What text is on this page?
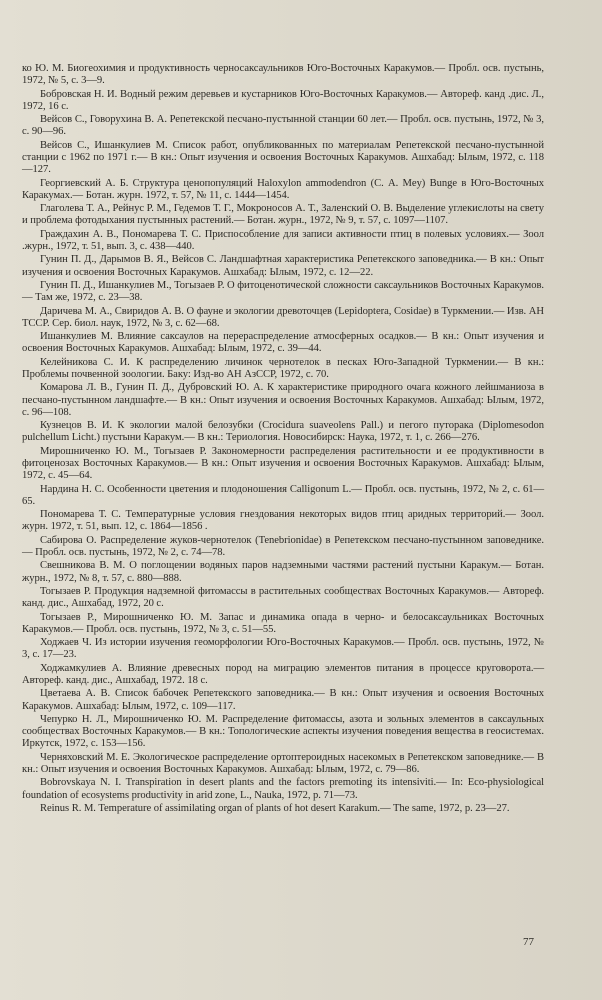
ко Ю. М. Биогеохимия и продуктивность черносаксаульников Юго-Восточных Каракумов.— Пробл. осв. пустынь, 1972, № 5, с. 3—9.

Бобровская Н. И. Водный режим деревьев и кустарников Юго-Восточных Каракумов.— Автореф. канд .дис. Л., 1972, 16 с.

Вейсов С., Говорухина В. А. Репетекской песчано-пустынной станции 60 лет.— Пробл. осв. пустынь, 1972, № 3, с. 90—96.

Вейсов С., Ишанкулиев М. Список работ, опубликованных по материалам Репетекской песчано-пустынной станции с 1962 по 1971 г.— В кн.: Опыт изучения и освоения Восточных Каракумов. Ашхабад: Ылым, 1972, с. 118—127.

Георгиевский А. Б. Структура ценопопуляций Haloxylon ammodendron (С. А. Mey) Bunge в Юго-Восточных Каракумах.— Ботан. журн. 1972, т. 57, № 11, с. 1444—1454.

Глаголева Т. А., Рейнус Р. М., Гедемов Т. Г., Мокроносов А. Т., Заленский О. В. Выделение углекислоты на свету и проблема фотодыхания пустынных растений.— Ботан. журн., 1972, № 9, т. 57, с. 1097—1107.

Граждахин А. В., Пономарева Т. С. Приспособление для записи активности птиц в полевых условиях.— Зоол .журн., 1972, т. 51, вып. 3, с. 438—440.

Гунин П. Д., Дарымов В. Я., Вейсов С. Ландшафтная характеристика Репетекского заповедника.— В кн.: Опыт изучения и освоения Восточных Каракумов. Ашхабад: Ылым, 1972, с. 12—22.

Гунин П. Д., Ишанкулиев М., Тогызаев Р. О фитоценотической сложности саксаульников Восточных Каракумов.— Там же, 1972, с. 23—38.

Даричева М. А., Свиридов А. В. О фауне и экологии древоточцев (Lepidoptera, Cosidae) в Туркмении.— Изв. АН ТССР. Сер. биол. наук, 1972, № 3, с. 62—68.

Ишанкулиев М. Влияние саксаулов на перераспределение атмосферных осадков.— В кн.: Опыт изучения и освоения Восточных Каракумов. Ашхабад: Ылым, 1972, с. 39—44.

Келейникова С. И. К распределению личинок чернотелок в песках Юго-Западной Туркмении.— В кн.: Проблемы почвенной зоологии. Баку: Изд-во АН АзССР, 1972, с. 70.

Комарова Л. В., Гунин П. Д., Дубровский Ю. А. К характеристике природного очага кожного лейшманиоза в песчано-пустынном ландшафте.— В кн.: Опыт изучения и освоения Восточных Каракумов. Ашхабад: Ылым, 1972, с. 96—108.

Кузнецов В. И. К экологии малой белозубки (Crocidura suaveolens Pall.) и пегого путорака (Diplomesodon pulchellum Licht.) пустыни Каракум.— В кн.: Териология. Новосибирск: Наука, 1972, т. 1, с. 266—276.

Мирошниченко Ю. М., Тогызаев Р. Закономерности распределения растительности и ее продуктивности в фитоценозах Восточных Каракумов.— В кн.: Опыт изучения и освоения Восточных Каракумов. Ашхабад: Ылым, 1972, с. 45—64.

Нардина Н. С. Особенности цветения и плодоношения Calligonum L.— Пробл. осв. пустынь, 1972, № 2, с. 61—65.

Пономарева Т. С. Температурные условия гнездования некоторых видов птиц аридных территорий.— Зоол. журн. 1972, т. 51, вып. 12, с. 1864—1856 .

Сабирова О. Распределение жуков-чернотелок (Tenebrionidae) в Репетекском песчано-пустынном заповеднике.— Пробл. осв. пустынь, 1972, № 2, с. 74—78.

Свешникова В. М. О поглощении водяных паров надземными частями растений пустыни Каракум.— Ботан. журн., 1972, № 8, т. 57, с. 880—888.

Тогызаев Р. Продукция надземной фитомассы в растительных сообществах Восточных Каракумов.— Автореф. канд. дис., Ашхабад, 1972, 20 с.

Тогызаев Р., Мирошниченко Ю. М. Запас и динамика опада в черно- и белосаксаульниках Восточных Каракумов.— Пробл. осв. пустынь, 1972, № 3, с. 51—55.

Ходжаев Ч. Из истории изучения геоморфологии Юго-Восточных Каракумов.— Пробл. осв. пустынь, 1972, № 3, с. 17—23.

Ходжамкулиев А. Влияние древесных пород на миграцию элементов питания в процессе круговорота.— Автореф. канд. дис., Ашхабад, 1972. 18 с.

Цветаева А. В. Список бабочек Репетекского заповедника.— В кн.: Опыт изучения и освоения Восточных Каракумов. Ашхабад: Ылым, 1972, с. 109—117.

Чепурко Н. Л., Мирошниченко Ю. М. Распределение фитомассы, азота и зольных элементов в саксаульных сообществах Восточных Каракумов.— В кн.: Топологические аспекты изучения поведения вещества в геосистемах. Иркутск, 1972, с. 153—156.

Черняховский М. Е. Экологическое распределение ортоптероидных насекомых в Репетекском заповеднике.— В кн.: Опыт изучения и освоения Восточных Каракумов. Ашхабад: Ылым, 1972, с. 79—86.

Bobrovskaya N. I. Transpiration in desert plants and the factors premoting its intensiviti.— In: Eco-physiological foundation of ecosystems productivity in arid zone, L., Nauka, 1972, p. 71—73.

Reinus R. M. Temperature of assimilating organ of plants of hot desert Karakum.— The same, 1972, p. 23—27.

77
